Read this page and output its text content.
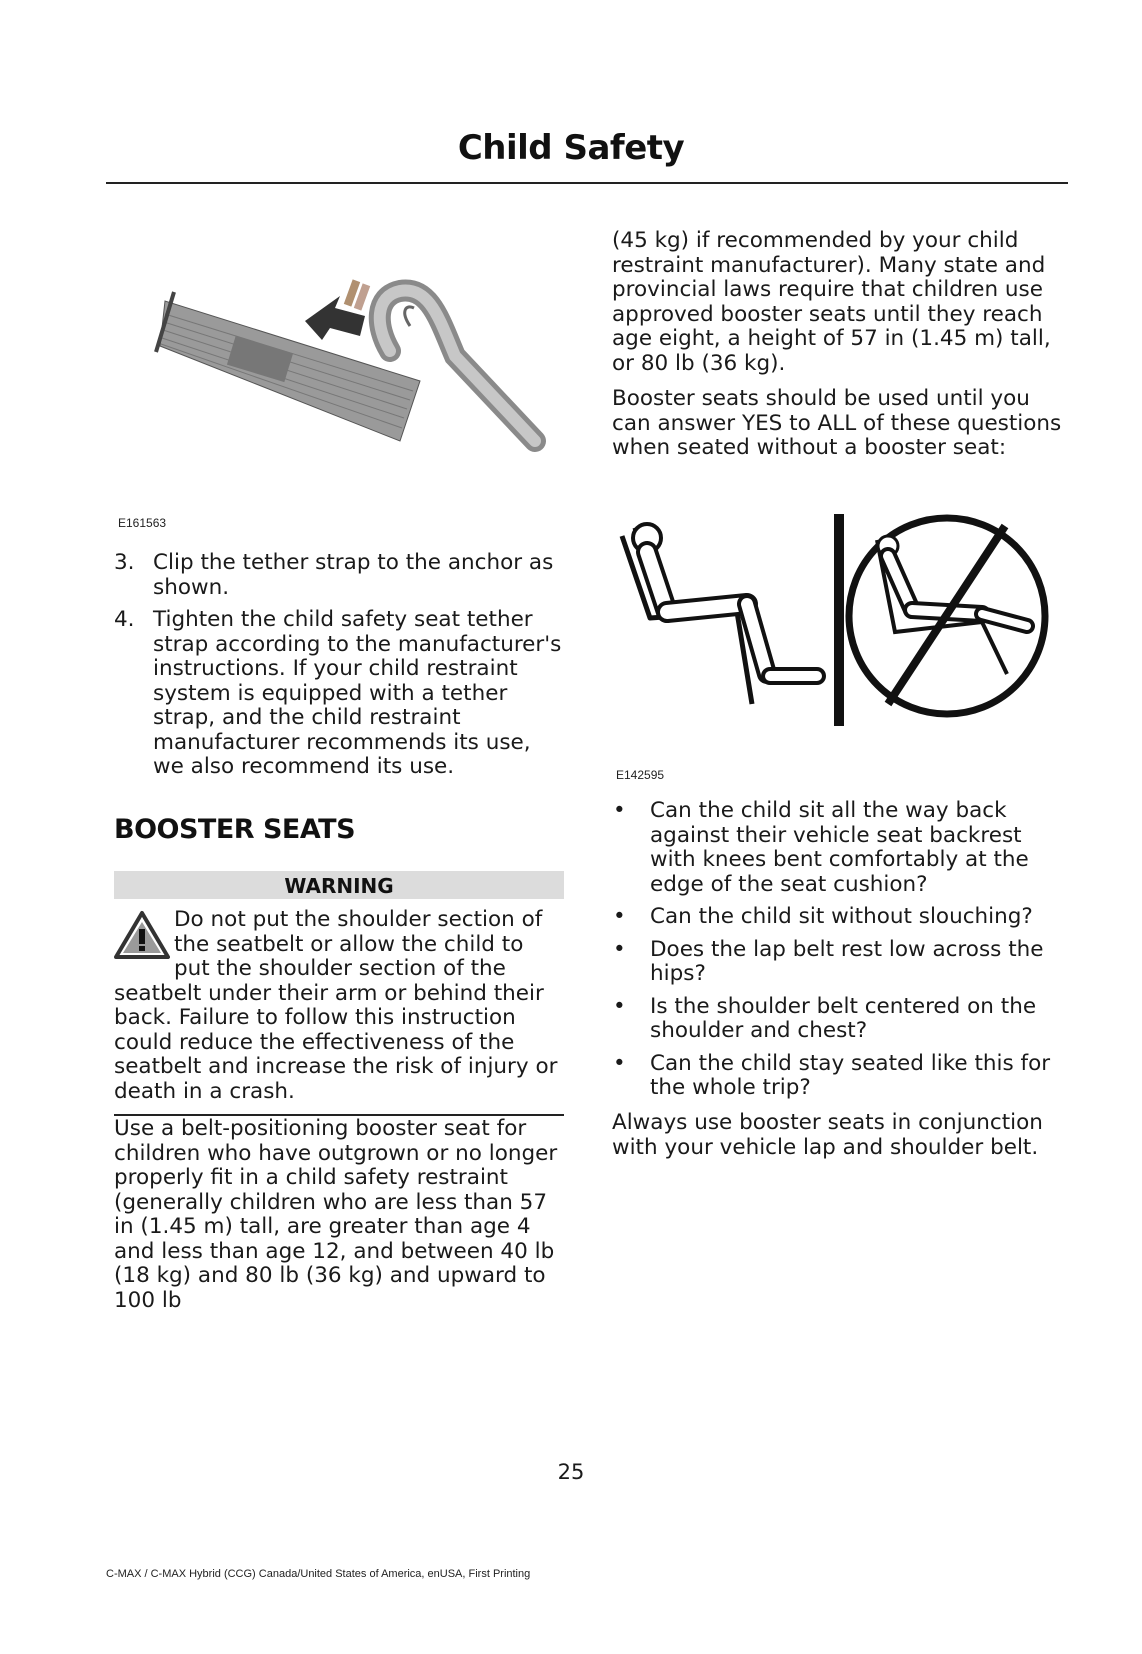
Child Safety
E161563
3. Clip the tether strap to the anchor as shown.
4. Tighten the child safety seat tether strap according to the manufacturer's instructions. If your child restraint system is equipped with a tether strap, and the child restraint manufacturer recommends its use, we also recommend its use.
BOOSTER SEATS
WARNING
Do not put the shoulder section of the seatbelt or allow the child to put the shoulder section of the seatbelt under their arm or behind their back. Failure to follow this instruction could reduce the effectiveness of the seatbelt and increase the risk of injury or death in a crash.

Use a belt-positioning booster seat for children who have outgrown or no longer properly fit in a child safety restraint (generally children who are less than 57 in (1.45 m) tall, are greater than age 4 and less than age 12, and between 40 lb (18 kg) and 80 lb (36 kg) and upward to 100 lb

(45 kg) if recommended by your child restraint manufacturer). Many state and provincial laws require that children use approved booster seats until they reach age eight, a height of 57 in (1.45 m) tall, or 80 lb (36 kg).

Booster seats should be used until you can answer YES to ALL of these questions when seated without a booster seat:

E142595
• Can the child sit all the way back against their vehicle seat backrest with knees bent comfortably at the edge of the seat cushion?
• Can the child sit without slouching?
• Does the lap belt rest low across the hips?
• Is the shoulder belt centered on the shoulder and chest?
• Can the child stay seated like this for the whole trip?

Always use booster seats in conjunction with your vehicle lap and shoulder belt.

25
C-MAX / C-MAX Hybrid (CCG) Canada/United States of America, enUSA, First Printing
